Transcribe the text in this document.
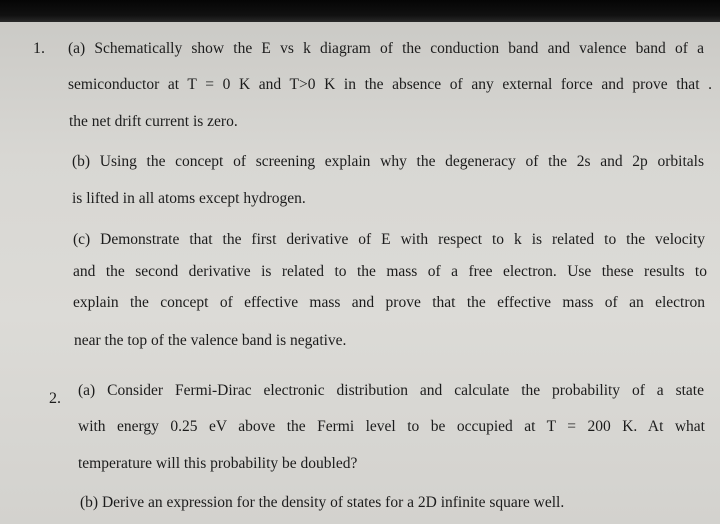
1. (a) Schematically show the E vs k diagram of the conduction band and valence band of a
semiconductor at T = 0 K and T>0 K in the absence of any external force and prove that .
the net drift current is zero.
(b) Using the concept of screening explain why the degeneracy of the 2s and 2p orbitals
is lifted in all atoms except hydrogen.
(c) Demonstrate that the first derivative of E with respect to k is related to the velocity
and the second derivative is related to the mass of a free electron. Use these results to
explain the concept of effective mass and prove that the effective mass of an electron
near the top of the valence band is negative.
2. (a) Consider Fermi-Dirac electronic distribution and calculate the probability of a state
with energy 0.25 eV above the Fermi level to be occupied at T = 200 K. At what
temperature will this probability be doubled?
(b) Derive an expression for the density of states for a 2D infinite square well.
